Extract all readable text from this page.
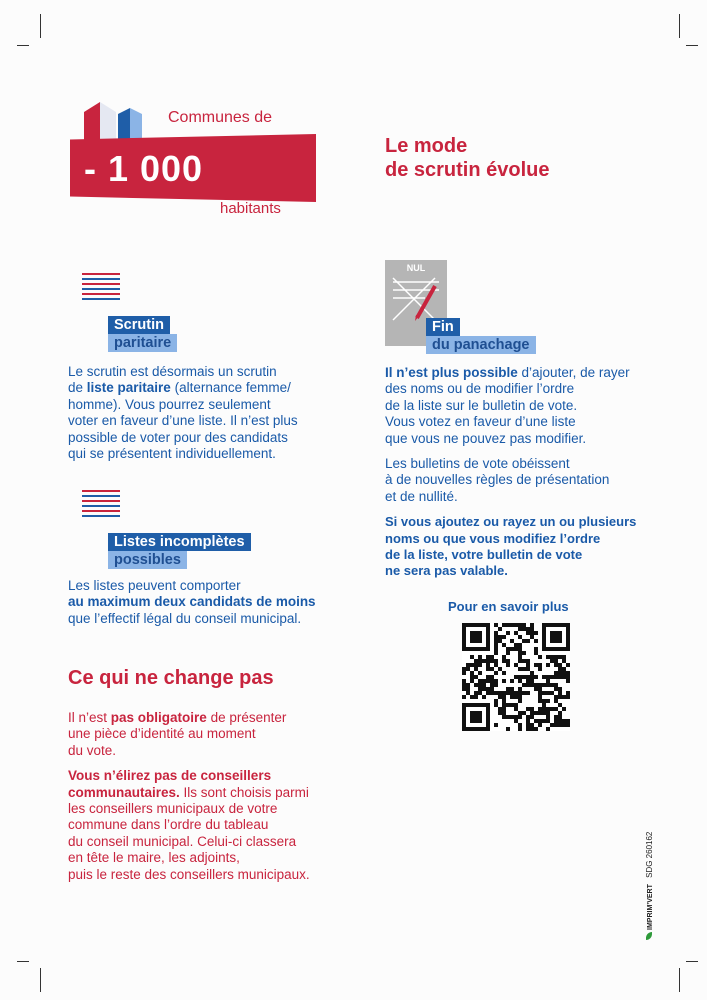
Communes de
- 1 000
habitants
Le mode
de scrutin évolue
Scrutin
paritaire

Le scrutin est désormais un scrutin

de liste paritaire (alternance femme/

homme). Vous pourrez seulement

voter en faveur d’une liste. Il n’est plus

possible de voter pour des candidats

qui se présentent individuellement.

Listes incomplètes
possibles

Les listes peuvent comporter

au maximum deux candidats de moins

que l’effectif légal du conseil municipal.

Ce qui ne change pas

Il n’est pas obligatoire de présenter

une pièce d’identité au moment

du vote.

Vous n’élirez pas de conseillers

communautaires. Ils sont choisis parmi

les conseillers municipaux de votre

commune dans l’ordre du tableau

du conseil municipal. Celui-ci classera

en tête le maire, les adjoints,

puis le reste des conseillers municipaux.

NUL
Fin
du panachage

Il n’est plus possible d’ajouter, de rayer

des noms ou de modifier l’ordre

de la liste sur le bulletin de vote.

Vous votez en faveur d’une liste

que vous ne pouvez pas modifier.

Les bulletins de vote obéissent

à de nouvelles règles de présentation

et de nullité.

Si vous ajoutez ou rayez un ou plusieurs

noms ou que vous modifiez l’ordre

de la liste, votre bulletin de vote

ne sera pas valable.

Pour en savoir plus
IMPRIM’VERT SDG 260162
